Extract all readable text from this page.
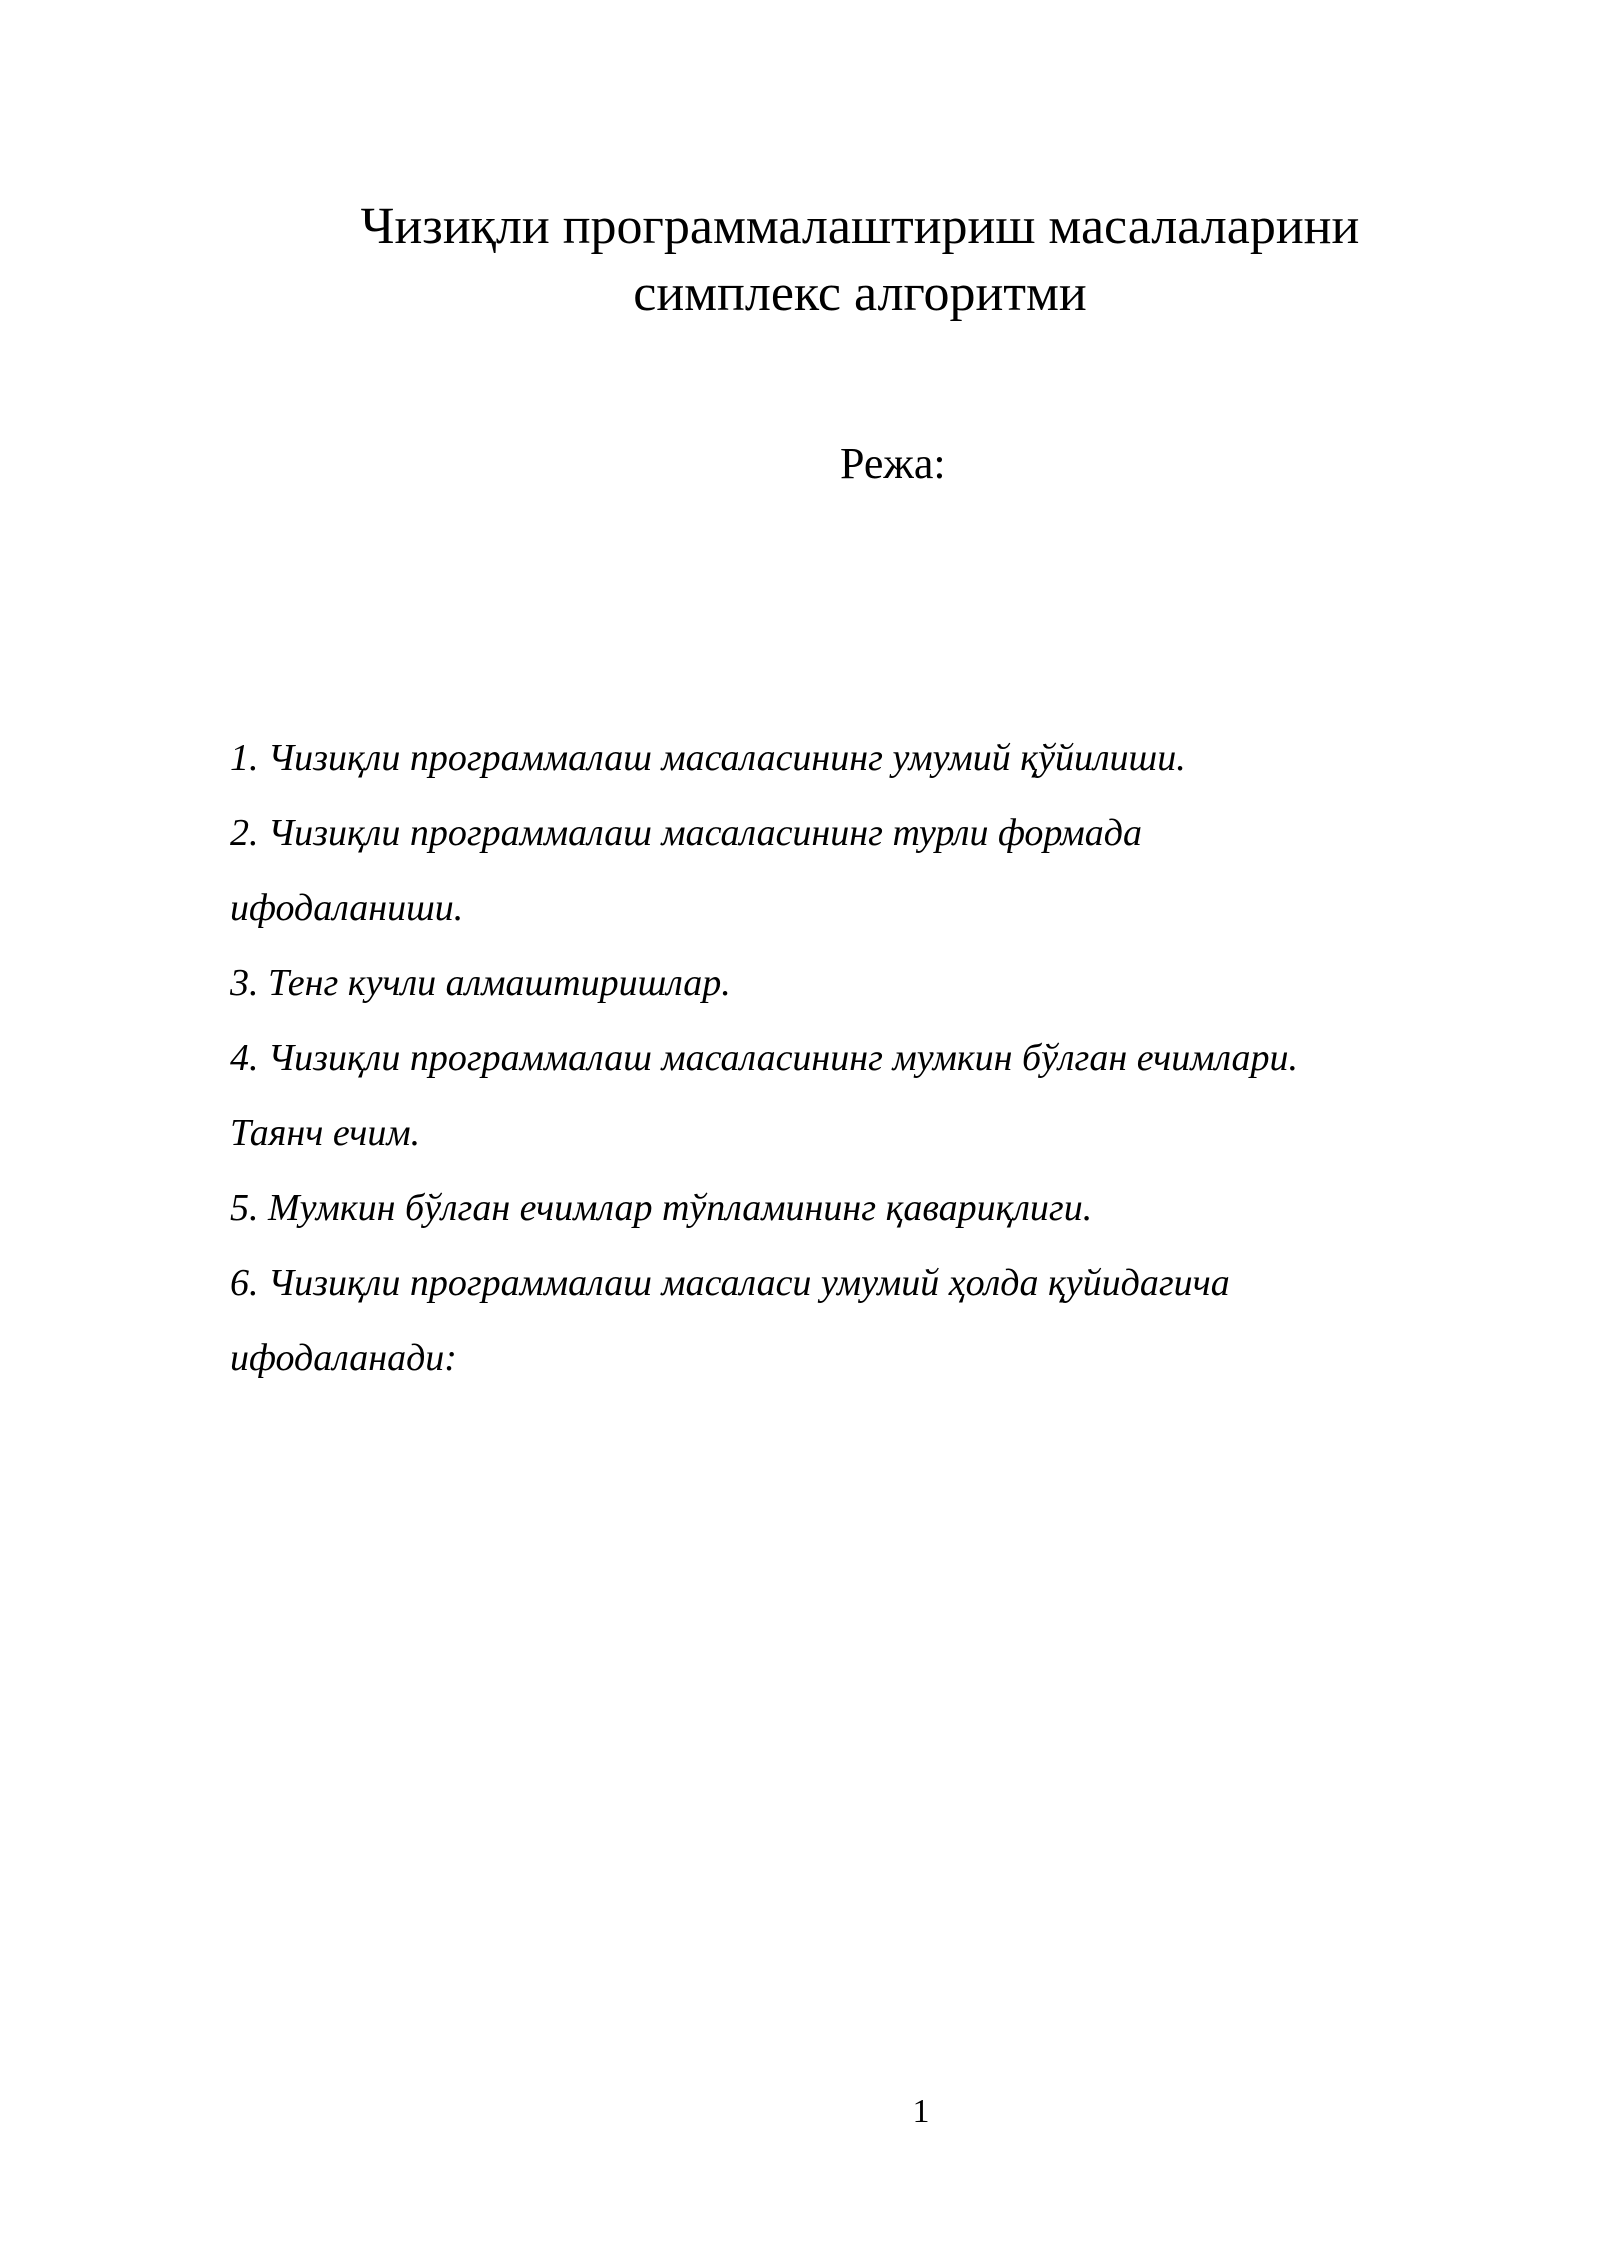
Чизиқли программалаштириш масалаларини
симплекс алгоритми
Режа:
1. Чизиқли программалаш масаласининг умумий қўйилиши.
2. Чизиқли программалаш масаласининг турли формада
ифодаланиши.
3. Тенг кучли алмаштиришлар.
4. Чизиқли программалаш масаласининг мумкин бўлган ечимлари.
Таянч ечим.
5. Мумкин бўлган ечимлар тўпламининг қавариқлиги.
6. Чизиқли программалаш масаласи умумий ҳолда қуйидагича
ифодаланади:
1
